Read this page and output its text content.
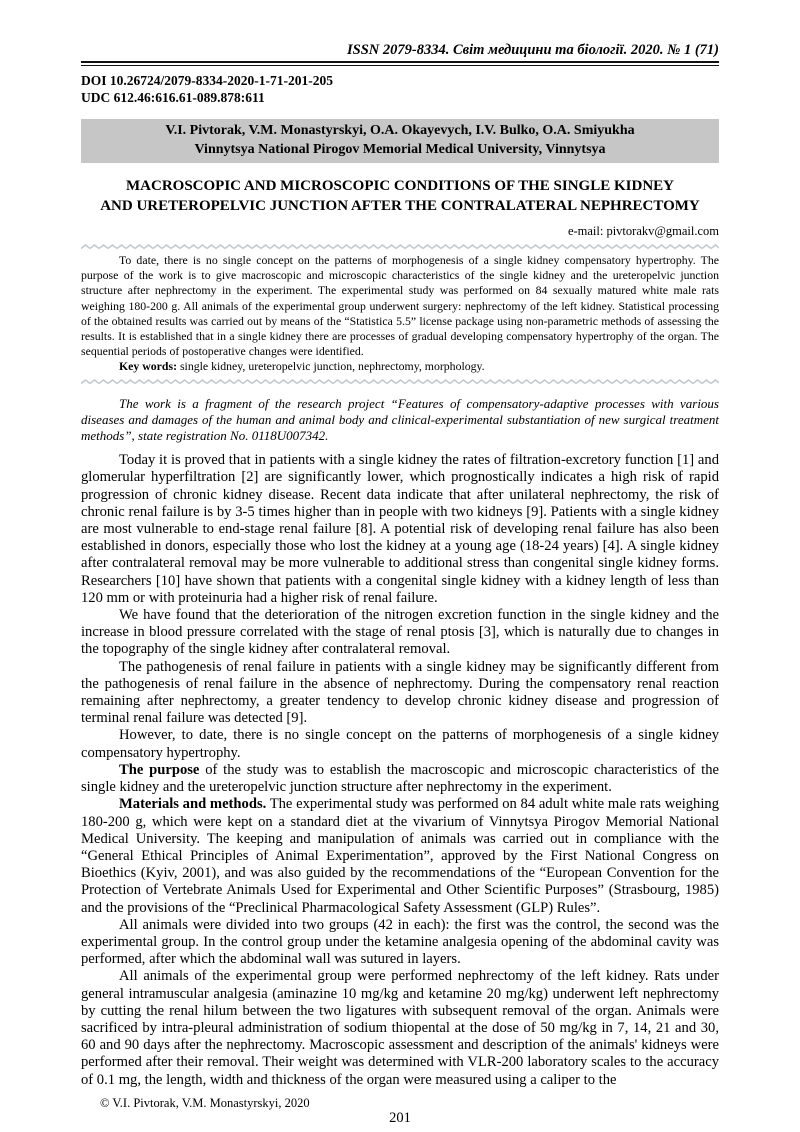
ISSN 2079-8334. Світ медицини та біології. 2020. № 1 (71)
DOI 10.26724/2079-8334-2020-1-71-201-205
UDC 612.46:616.61-089.878:611
V.I. Pivtorak, V.M. Monastyrskyi, O.A. Okayevych, I.V. Bulko, O.A. Smiyukha
Vinnytsya National Pirogov Memorial Medical University, Vinnytsya
MACROSCOPIC AND MICROSCOPIC CONDITIONS OF THE SINGLE KIDNEY
AND URETEROPELVIC JUNCTION AFTER THE CONTRALATERAL NEPHRECTOMY
e-mail: pivtorakv@gmail.com

To date, there is no single concept on the patterns of morphogenesis of a single kidney compensatory hypertrophy. The purpose of the work is to give macroscopic and microscopic characteristics of the single kidney and the ureteropelvic junction structure after nephrectomy in the experiment. The experimental study was performed on 84 sexually matured white male rats weighing 180-200 g. All animals of the experimental group underwent surgery: nephrectomy of the left kidney. Statistical processing of the obtained results was carried out by means of the “Statistica 5.5” license package using non-parametric methods of assessing the results. It is established that in a single kidney there are processes of gradual developing compensatory hypertrophy of the organ. The sequential periods of postoperative changes were identified.

Key words: single kidney, ureteropelvic junction, nephrectomy, morphology.

The work is a fragment of the research project “Features of compensatory-adaptive processes with various diseases and damages of the human and animal body and clinical-experimental substantiation of new surgical treatment methods”, state registration No. 0118U007342.

Today it is proved that in patients with a single kidney the rates of filtration-excretory function [1] and glomerular hyperfiltration [2] are significantly lower, which prognostically indicates a high risk of rapid progression of chronic kidney disease. Recent data indicate that after unilateral nephrectomy, the risk of chronic renal failure is by 3-5 times higher than in people with two kidneys [9]. Patients with a single kidney are most vulnerable to end-stage renal failure [8]. A potential risk of developing renal failure has also been established in donors, especially those who lost the kidney at a young age (18-24 years) [4]. A single kidney after contralateral removal may be more vulnerable to additional stress than congenital single kidney forms. Researchers [10] have shown that patients with a congenital single kidney with a kidney length of less than 120 mm or with proteinuria had a higher risk of renal failure.

We have found that the deterioration of the nitrogen excretion function in the single kidney and the increase in blood pressure correlated with the stage of renal ptosis [3], which is naturally due to changes in the topography of the single kidney after contralateral removal.

The pathogenesis of renal failure in patients with a single kidney may be significantly different from the pathogenesis of renal failure in the absence of nephrectomy. During the compensatory renal reaction remaining after nephrectomy, a greater tendency to develop chronic kidney disease and progression of terminal renal failure was detected [9].

However, to date, there is no single concept on the patterns of morphogenesis of a single kidney compensatory hypertrophy.

The purpose of the study was to establish the macroscopic and microscopic characteristics of the single kidney and the ureteropelvic junction structure after nephrectomy in the experiment.

Materials and methods. The experimental study was performed on 84 adult white male rats weighing 180-200 g, which were kept on a standard diet at the vivarium of Vinnytsya Pirogov Memorial National Medical University. The keeping and manipulation of animals was carried out in compliance with the “General Ethical Principles of Animal Experimentation”, approved by the First National Congress on Bioethics (Kyiv, 2001), and was also guided by the recommendations of the “European Convention for the Protection of Vertebrate Animals Used for Experimental and Other Scientific Purposes” (Strasbourg, 1985) and the provisions of the “Preclinical Pharmacological Safety Assessment (GLP) Rules”.

All animals were divided into two groups (42 in each): the first was the control, the second was the experimental group. In the control group under the ketamine analgesia opening of the abdominal cavity was performed, after which the abdominal wall was sutured in layers.

All animals of the experimental group were performed nephrectomy of the left kidney. Rats under general intramuscular analgesia (aminazine 10 mg/kg and ketamine 20 mg/kg) underwent left nephrectomy by cutting the renal hilum between the two ligatures with subsequent removal of the organ. Animals were sacrificed by intra-pleural administration of sodium thiopental at the dose of 50 mg/kg in 7, 14, 21 and 30, 60 and 90 days after the nephrectomy. Macroscopic assessment and description of the animals' kidneys were performed after their removal. Their weight was determined with VLR-200 laboratory scales to the accuracy of 0.1 mg, the length, width and thickness of the organ were measured using a caliper to the

© V.I. Pivtorak, V.M. Monastyrskyi, 2020
201
